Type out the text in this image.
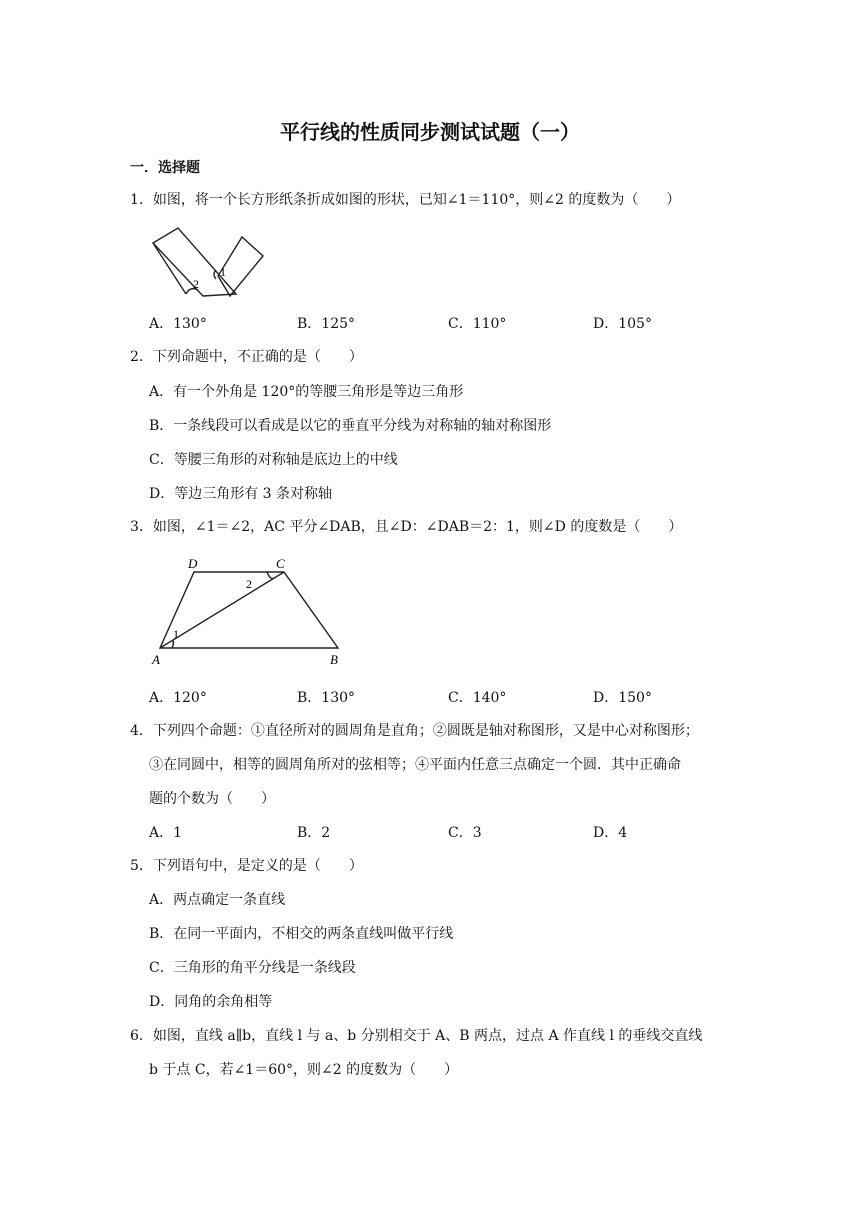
平行线的性质同步测试试题（一）
一．选择题
1．如图，将一个长方形纸条折成如图的形状，已知∠1＝110°，则∠2 的度数为（　　）
1
2
A．130°	B．125°	C．110°	D．105°
2．下列命题中，不正确的是（　　）
A．有一个外角是 120°的等腰三角形是等边三角形
B．一条线段可以看成是以它的垂直平分线为对称轴的轴对称图形
C．等腰三角形的对称轴是底边上的中线
D．等边三角形有 3 条对称轴
3．如图，∠1＝∠2，AC 平分∠DAB，且∠D：∠DAB＝2：1，则∠D 的度数是（　　）
D	C
A	B
1
2
A．120°	B．130°	C．140°	D．150°
4．下列四个命题：①直径所对的圆周角是直角；②圆既是轴对称图形，又是中心对称图形；
③在同圆中，相等的圆周角所对的弦相等；④平面内任意三点确定一个圆．其中正确命
题的个数为（　　）
A．1	B．2	C．3	D．4
5．下列语句中，是定义的是（　　）
A．两点确定一条直线
B．在同一平面内，不相交的两条直线叫做平行线
C．三角形的角平分线是一条线段
D．同角的余角相等
6．如图，直线 a∥b，直线 l 与 a、b 分别相交于 A、B 两点，过点 A 作直线 l 的垂线交直线
b 于点 C，若∠1＝60°，则∠2 的度数为（　　）
